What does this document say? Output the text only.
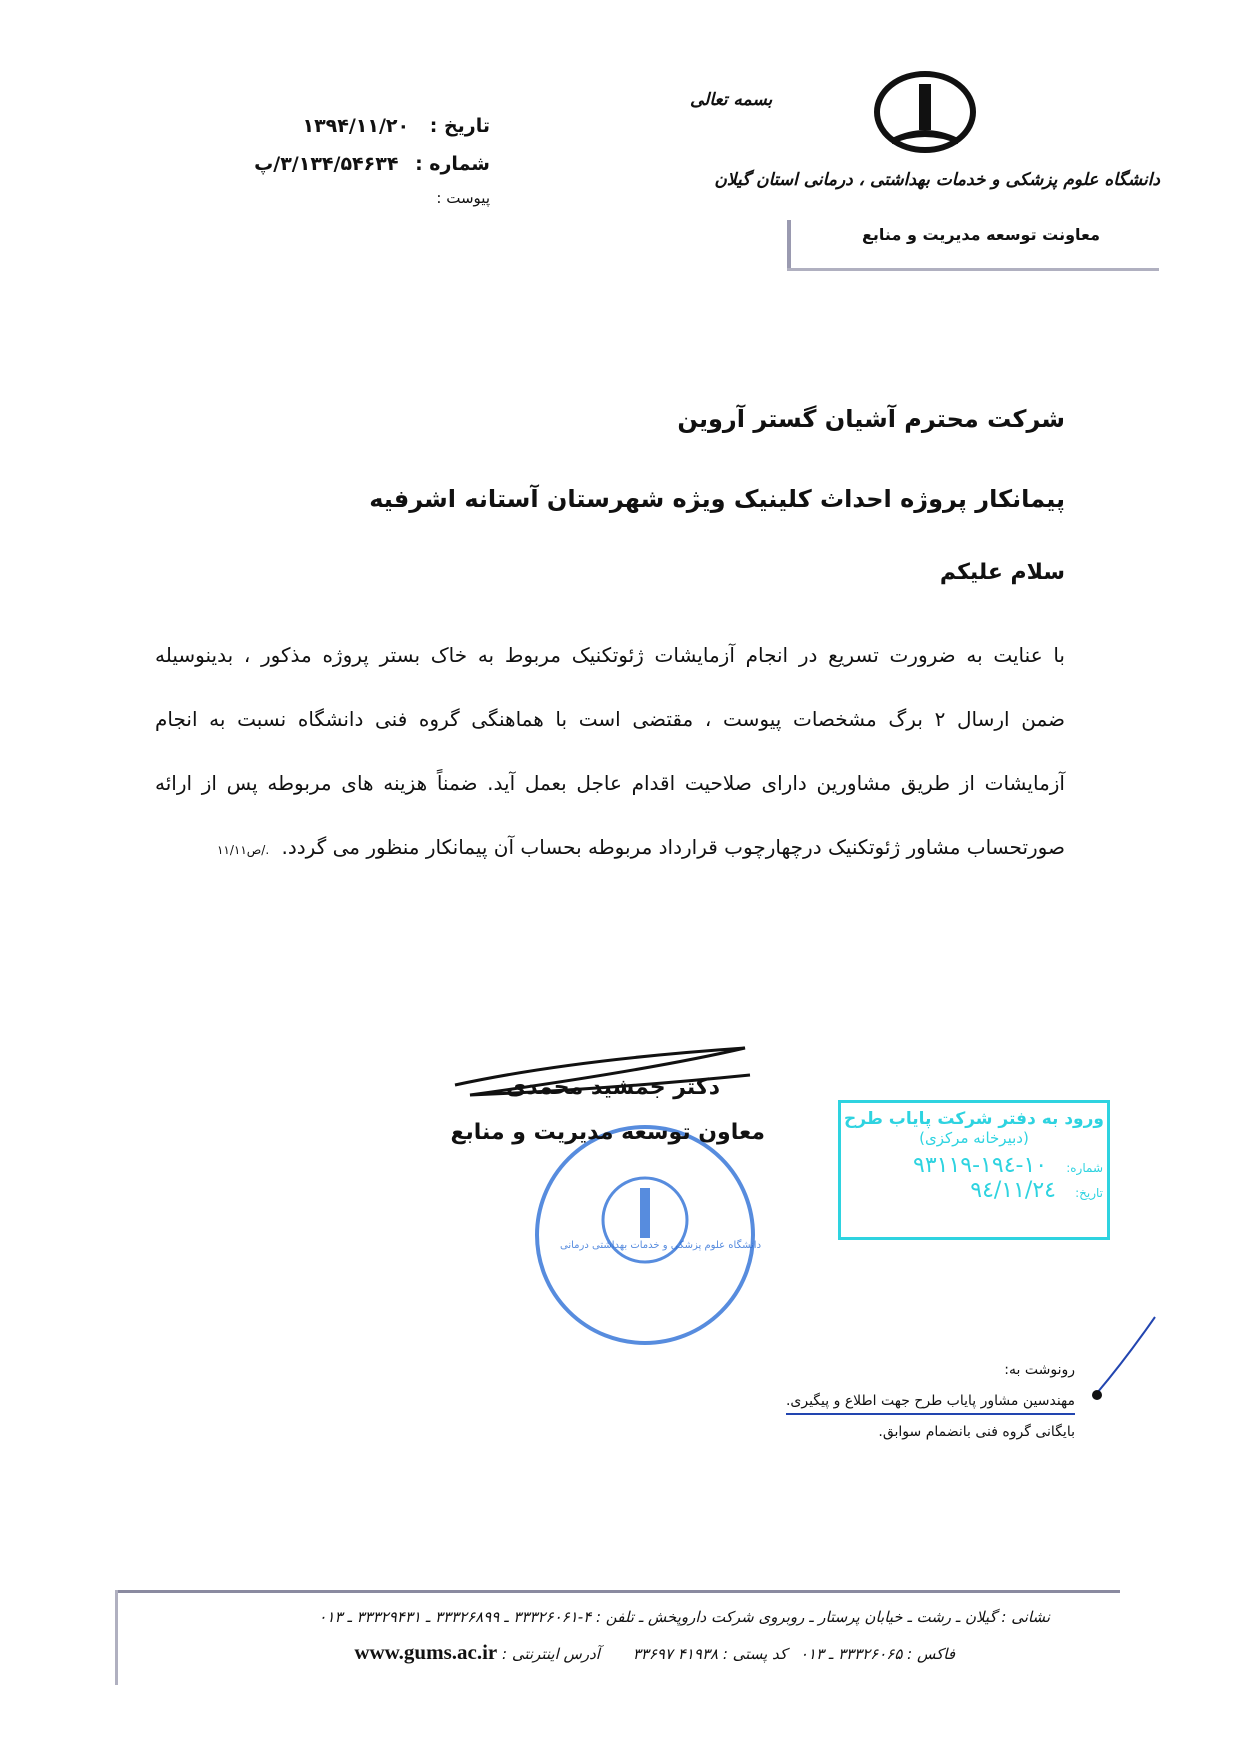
بسمه تعالی
دانشگاه علوم پزشکی و خدمات بهداشتی ، درمانی استان گیلان
معاونت توسعه مدیریت و منابع
تاریخ : ۱۳۹۴/۱۱/۲۰
شماره : ۳/۱۳۴/۵۴۶۳۴/پ
پیوست :
شرکت محترم آشیان گستر آروین
پیمانکار پروژه احداث کلینیک ویژه شهرستان آستانه اشرفیه
سلام علیکم
با عنایت به ضرورت تسریع در انجام آزمایشات ژئوتکنیک مربوط به خاک بستر پروژه مذکور ، بدینوسیله
ضمن ارسال ۲ برگ مشخصات پیوست ، مقتضی است با هماهنگی گروه فنی دانشگاه نسبت به انجام
آزمایشات از طریق مشاورین دارای صلاحیت اقدام عاجل بعمل آید. ضمناً هزینه های مربوطه پس از ارائه
صورتحساب مشاور ژئوتکنیک درچهارچوب قرارداد مربوطه بحساب آن پیمانکار منظور می گردد. ./ص۱۱/۱۱
دانشگاه علوم پزشکی و خدمات بهداشتی درمانی
دکتر جمشید محمدی
معاون توسعه مدیریت و منابع
ورود به دفتر شرکت پایاب طرح
(دبیرخانه مرکزی)
شماره: ۱۰-۱۹٤-۹۳۱۱۹
تاریخ: ۹٤/۱۱/۲٤
رونوشت به:
مهندسین مشاور پایاب طرح جهت اطلاع و پیگیری.
بایگانی گروه فنی بانضمام سوابق.
نشانی : گیلان ـ رشت ـ خیابان پرستار ـ روبروی شرکت داروپخش ـ تلفن : ۴-۳۳۳۲۶۰۶۱ ـ ۳۳۳۲۶۸۹۹ ـ ۳۳۳۲۹۴۳۱ ـ ۰۱۳
فاکس : ۳۳۳۲۶۰۶۵ ـ ۰۱۳ کد پستی : ۴۱۹۳۸ ۳۳۶۹۷ آدرس اینترنتی : www.gums.ac.ir
